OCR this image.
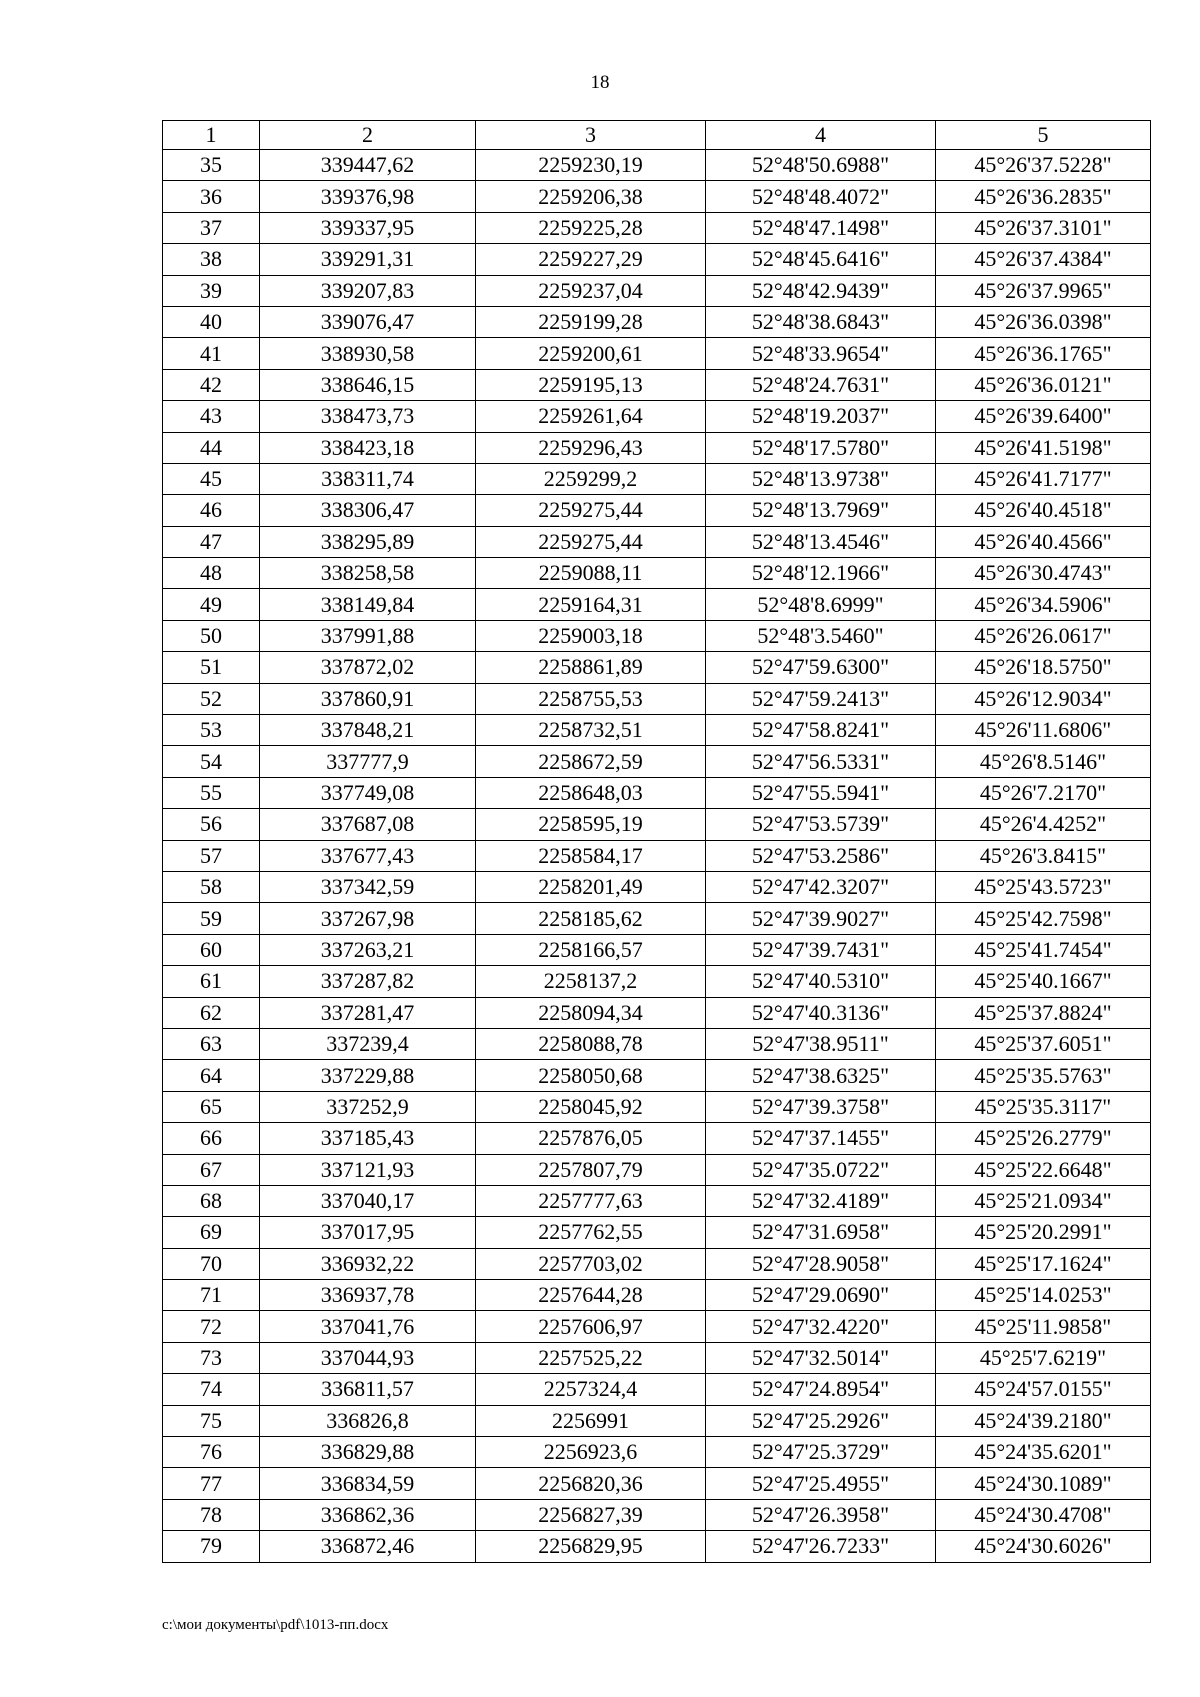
18
1	2	3	4	5
35	339447,62	2259230,19	52°48'50.6988"	45°26'37.5228"
36	339376,98	2259206,38	52°48'48.4072"	45°26'36.2835"
37	339337,95	2259225,28	52°48'47.1498"	45°26'37.3101"
38	339291,31	2259227,29	52°48'45.6416"	45°26'37.4384"
39	339207,83	2259237,04	52°48'42.9439"	45°26'37.9965"
40	339076,47	2259199,28	52°48'38.6843"	45°26'36.0398"
41	338930,58	2259200,61	52°48'33.9654"	45°26'36.1765"
42	338646,15	2259195,13	52°48'24.7631"	45°26'36.0121"
43	338473,73	2259261,64	52°48'19.2037"	45°26'39.6400"
44	338423,18	2259296,43	52°48'17.5780"	45°26'41.5198"
45	338311,74	2259299,2	52°48'13.9738"	45°26'41.7177"
46	338306,47	2259275,44	52°48'13.7969"	45°26'40.4518"
47	338295,89	2259275,44	52°48'13.4546"	45°26'40.4566"
48	338258,58	2259088,11	52°48'12.1966"	45°26'30.4743"
49	338149,84	2259164,31	52°48'8.6999"	45°26'34.5906"
50	337991,88	2259003,18	52°48'3.5460"	45°26'26.0617"
51	337872,02	2258861,89	52°47'59.6300"	45°26'18.5750"
52	337860,91	2258755,53	52°47'59.2413"	45°26'12.9034"
53	337848,21	2258732,51	52°47'58.8241"	45°26'11.6806"
54	337777,9	2258672,59	52°47'56.5331"	45°26'8.5146"
55	337749,08	2258648,03	52°47'55.5941"	45°26'7.2170"
56	337687,08	2258595,19	52°47'53.5739"	45°26'4.4252"
57	337677,43	2258584,17	52°47'53.2586"	45°26'3.8415"
58	337342,59	2258201,49	52°47'42.3207"	45°25'43.5723"
59	337267,98	2258185,62	52°47'39.9027"	45°25'42.7598"
60	337263,21	2258166,57	52°47'39.7431"	45°25'41.7454"
61	337287,82	2258137,2	52°47'40.5310"	45°25'40.1667"
62	337281,47	2258094,34	52°47'40.3136"	45°25'37.8824"
63	337239,4	2258088,78	52°47'38.9511"	45°25'37.6051"
64	337229,88	2258050,68	52°47'38.6325"	45°25'35.5763"
65	337252,9	2258045,92	52°47'39.3758"	45°25'35.3117"
66	337185,43	2257876,05	52°47'37.1455"	45°25'26.2779"
67	337121,93	2257807,79	52°47'35.0722"	45°25'22.6648"
68	337040,17	2257777,63	52°47'32.4189"	45°25'21.0934"
69	337017,95	2257762,55	52°47'31.6958"	45°25'20.2991"
70	336932,22	2257703,02	52°47'28.9058"	45°25'17.1624"
71	336937,78	2257644,28	52°47'29.0690"	45°25'14.0253"
72	337041,76	2257606,97	52°47'32.4220"	45°25'11.9858"
73	337044,93	2257525,22	52°47'32.5014"	45°25'7.6219"
74	336811,57	2257324,4	52°47'24.8954"	45°24'57.0155"
75	336826,8	2256991	52°47'25.2926"	45°24'39.2180"
76	336829,88	2256923,6	52°47'25.3729"	45°24'35.6201"
77	336834,59	2256820,36	52°47'25.4955"	45°24'30.1089"
78	336862,36	2256827,39	52°47'26.3958"	45°24'30.4708"
79	336872,46	2256829,95	52°47'26.7233"	45°24'30.6026"
c:\мои документы\pdf\1013-пп.docx
